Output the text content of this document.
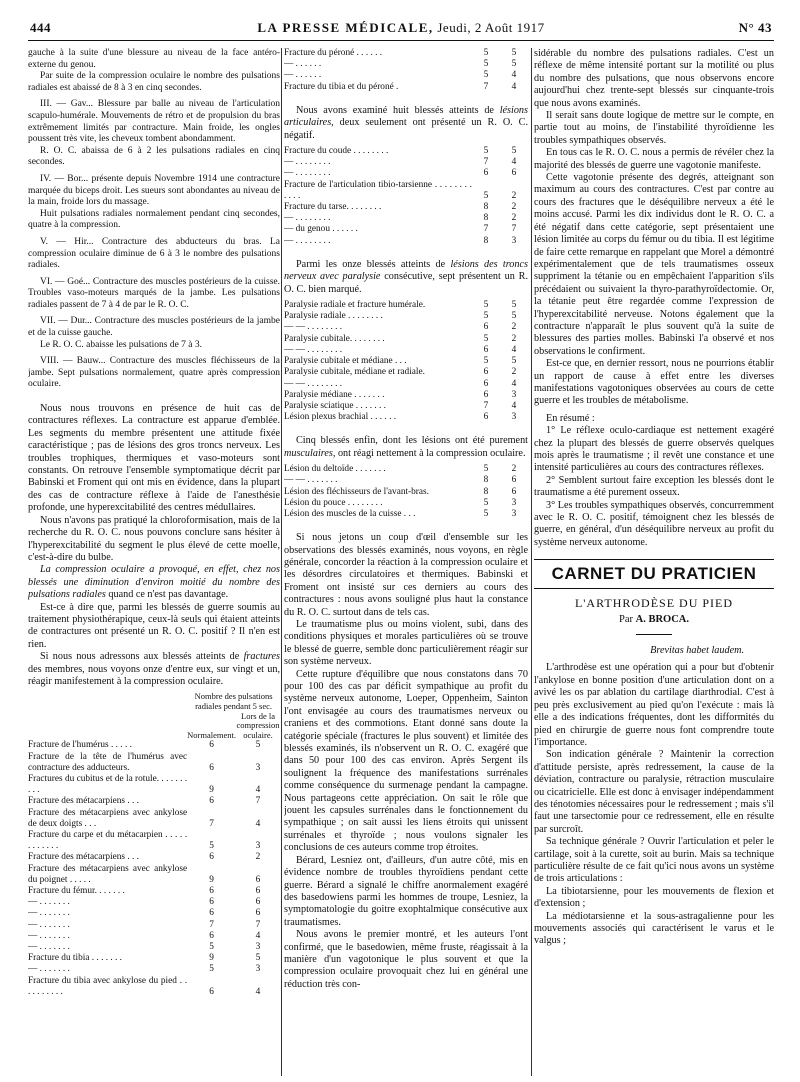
444	LA PRESSE MÉDICALE, Jeudi, 2 Août 1917	N° 43

gauche à la suite d'une blessure au niveau de la face antéro-externe du genou.

Par suite de la compression oculaire le nombre des pulsations radiales est abaissé de 8 à 3 en cinq secondes.

III. — Gav... Blessure par balle au niveau de l'articulation scapulo-humérale. Mouvements de rétro et de propulsion du bras extrêmement limités par contracture. Main froide, les ongles poussent très vite, les cheveux tombent abondamment.

R. O. C. abaissa de 6 à 2 les pulsations radiales en cinq secondes.

IV. — Bor... présente depuis Novembre 1914 une contracture marquée du biceps droit. Les sueurs sont abondantes au niveau de la main, froide lors du massage.

Huit pulsations radiales normalement pendant cinq secondes, quatre à la compression.

V. — Hir... Contracture des abducteurs du bras. La compression oculaire diminue de 6 à 3 le nombre des pulsations radiales.

VI. — Goé... Contracture des muscles postérieurs de la cuisse. Troubles vaso-moteurs marqués de la jambe. Les pulsations radiales passent de 7 à 4 de par le R. O. C.

VII. — Dur... Contracture des muscles postérieurs de la jambe et de la cuisse gauche.

Le R. O. C. abaisse les pulsations de 7 à 3.

VIII. — Bauw... Contracture des muscles fléchisseurs de la jambe. Sept pulsations normalement, quatre après compression oculaire.

Nous nous trouvons en présence de huit cas de contractures réflexes. La contracture est apparue d'emblée. Les segments du membre présentent une attitude fixée caractéristique ; pas de lésions des gros troncs nerveux. Les troubles trophiques, thermiques et vaso-moteurs sont constants. On retrouve l'ensemble symptomatique décrit par Babinski et Froment qui ont mis en évidence, dans la plupart des cas de contracture réflexe à l'aide de l'anesthésie profonde, une hyperexcitabilité des centres médullaires.

Nous n'avons pas pratiqué la chloroformisation, mais de la recherche du R. O. C. nous pouvons conclure sans hésiter à l'hyperexcitabilité du segment le plus élevé de cette moelle, c'est-à-dire du bulbe.

La compression oculaire a provoqué, en effet, chez nos blessés une diminution d'environ moitié du nombre des pulsations radiales quand ce n'est pas davantage.

Est-ce à dire que, parmi les blessés de guerre soumis au traitement physiothérapique, ceux-là seuls qui étaient atteints de contractures ont présenté un R. O. C. positif ? Il n'en est rien.

Si nous nous adressons aux blessés atteints de fractures des membres, nous voyons onze d'entre eux, sur vingt et un, réagir manifestement à la compression oculaire.

	Nombre des pulsations radiales pendant 5 sec.	
	Normalement.	Lors de la compression oculaire.
Fracture de l'humérus . . . . .	6	5
Fracture de la tête de l'humérus avec contracture des adducteurs.	6	3
Fractures du cubitus et de la rotule. . . . . . . . . .	9	4
Fracture des métacarpiens . . .	6	7
Fracture des métacarpiens avec ankylose de deux doigts . . .	7	4
Fracture du carpe et du métacarpien . . . . . . . . . . . .	5	3
Fracture des métacarpiens . . .	6	2
Fracture des métacarpiens avec ankylose du poignet . . . . .	9	6
Fracture du fémur. . . . . . .	6	6
— . . . . . . .	6	6
— . . . . . . .	6	6
— . . . . . . .	7	7
— . . . . . . .	6	4
— . . . . . . .	5	3
Fracture du tibia . . . . . . .	9	5
— . . . . . . .	5	3
Fracture du tibia avec ankylose du pied . . . . . . . . . .	6	4
Fracture du péroné . . . . . .	5	5
— . . . . . .	5	5
— . . . . . .	5	4
Fracture du tibia et du péroné .	7	4

Nous avons examiné huit blessés atteints de lésions articulaires, deux seulement ont présenté un R. O. C. négatif.

Fracture du coude . . . . . . . .	5	5
— . . . . . . . .	7	4
— . . . . . . . .	6	6
Fracture de l'articulation tibio-tarsienne . . . . . . . . . . . .	5	2
Fracture du tarse. . . . . . . .	8	2
— . . . . . . . .	8	2
— du genou . . . . . .	7	7
— . . . . . . . .	8	3

Parmi les onze blessés atteints de lésions des troncs nerveux avec paralysie consécutive, sept présentent un R. O. C. bien marqué.

Paralysie radiale et fracture humérale.	5	5
Paralysie radiale . . . . . . . .	5	5
— — . . . . . . . .	6	2
Paralysie cubitale. . . . . . . .	5	2
— — . . . . . . . .	6	4
Paralysie cubitale et médiane . . .	5	5
Paralysie cubitale, médiane et radiale.	6	2
— — . . . . . . . .	6	4
Paralysie médiane . . . . . . .	6	3
Paralysie sciatique . . . . . . .	7	4
Lésion plexus brachial . . . . . .	6	3

Cinq blessés enfin, dont les lésions ont été purement musculaires, ont réagi nettement à la compression oculaire.

Lésion du deltoïde . . . . . . .	5	2
— — . . . . . . .	8	6
Lésion des fléchisseurs de l'avant-bras.	8	6
Lésion du pouce . . . . . . . .	5	3
Lésion des muscles de la cuisse . . .	5	3

Si nous jetons un coup d'œil d'ensemble sur les observations des blessés examinés, nous voyons, en règle générale, concorder la réaction à la compression oculaire et les désordres circulatoires et thermiques. Babinski et Froment ont insisté sur ces derniers au cours des contractures : nous avons souligné plus haut la constance du R. O. C. surtout dans de tels cas.

Le traumatisme plus ou moins violent, subi, dans des conditions physiques et morales particulières où se trouve le blessé de guerre, semble donc particulièrement réagir sur son système nerveux.

Cette rupture d'équilibre que nous constatons dans 70 pour 100 des cas par déficit sympathique au profit du système nerveux autonome, Loeper, Oppenheim, Sainton l'ont envisagée au cours des traumatismes nerveux ou craniens et des commotions. Etant donné sans doute la catégorie spéciale (fractures le plus souvent) et limitée des blessés examinés, ils n'observent un R. O. C. exagéré que dans 50 pour 100 des cas environ. Après Sergent ils soulignent la fréquence des manifestations surrénales comme conséquence du surmenage pendant la campagne. Nous partageons cette appréciation. On sait le rôle que jouent les capsules surrénales dans le fonctionnement du sympathique ; on sait aussi les liens étroits qui unissent surrénales et thyroïde ; nous voulons signaler les conclusions de ces auteurs comme trop étroites.

Bérard, Lesniez ont, d'ailleurs, d'un autre côté, mis en évidence nombre de troubles thyroïdiens pendant cette guerre. Bérard a signalé le chiffre anormalement exagéré des basedowiens parmi les hommes de troupe, Lesniez, la symptomatologie du goitre exophtalmique consécutive aux traumatismes.

Nous avons le premier montré, et les auteurs l'ont confirmé, que le basedowien, même fruste, réagissait à la manière d'un vagotonique le plus souvent et que la compression oculaire provoquait chez lui en général une réduction très con-

sidérable du nombre des pulsations radiales. C'est un réflexe de même intensité portant sur la motilité ou plus du nombre des pulsations, que nous observons encore aujourd'hui chez trente-sept blessés sur cinquante-trois que nous avons examinés.

Il serait sans doute logique de mettre sur le compte, en partie tout au moins, de l'instabilité thyroïdienne les troubles sympathiques observés.

En tous cas le R. O. C. nous a permis de révéler chez la majorité des blessés de guerre une vagotonie manifeste.

Cette vagotonie présente des degrés, atteignant son maximum au cours des contractures. C'est par contre au cours des fractures que le déséquilibre nerveux a été le moins accusé. Parmi les dix individus dont le R. O. C. a été négatif dans cette catégorie, sept présentaient une lésion limitée au corps du fémur ou du tibia. Il est légitime de faire cette remarque en rappelant que Morel a démontré expérimentalement que de tels traumatismes osseux suppriment la tétanie ou en empêchaient l'apparition s'ils précédaient ou suivaient la thyro-parathyroïdectomie. Or, la tétanie peut être regardée comme l'expression de l'hyperexcitabilité nerveuse. Notons également que la contracture n'apparaît le plus souvent qu'à la suite de blessures des parties molles. Babinski l'a observé et nos observations le confirment.

Est-ce que, en dernier ressort, nous ne pourrions établir un rapport de cause à effet entre les diverses manifestations vagotoniques observées au cours de cette guerre et les troubles de métabolisme.

En résumé :

1° Le réflexe oculo-cardiaque est nettement exagéré chez la plupart des blessés de guerre observés quelques mois après le traumatisme ; il revêt une constance et une intensité particulières au cours des contractures réflexes.

2° Semblent surtout faire exception les blessés dont le traumatisme a été purement osseux.

3° Les troubles sympathiques observés, concurremment avec le R. O. C. positif, témoignent chez les blessés de guerre, en général, d'un déséquilibre nerveux au profit du système nerveux autonome.

CARNET DU PRATICIEN
L'ARTHRODÈSE DU PIED
Par A. BROCA.
Brevitas habet laudem.

L'arthrodèse est une opération qui a pour but d'obtenir l'ankylose en bonne position d'une articulation dont on a avivé les os par ablation du cartilage diarthrodial. C'est à peu près exclusivement au pied qu'on l'exécute : mais là elle a des indications fréquentes, dont les difformités du pied en chirurgie de guerre nous font comprendre toute l'importance.

Son indication générale ? Maintenir la correction d'attitude persiste, après redressement, la cause de la déviation, contracture ou paralysie, rétraction musculaire ou cicatricielle. Elle est donc à envisager indépendamment des ténotomies nécessaires pour le redressement ; mais s'il faut une tarsectomie pour ce redressement, elle en résulte par surcroît.

Sa technique générale ? Ouvrir l'articulation et peler le cartilage, soit à la curette, soit au burin. Mais sa technique particulière résulte de ce fait qu'ici nous avons un système de trois articulations :

La tibiotarsienne, pour les mouvements de flexion et d'extension ;

La médiotarsienne et la sous-astragalienne pour les mouvements associés qui caractérisent le varus et le valgus ;
